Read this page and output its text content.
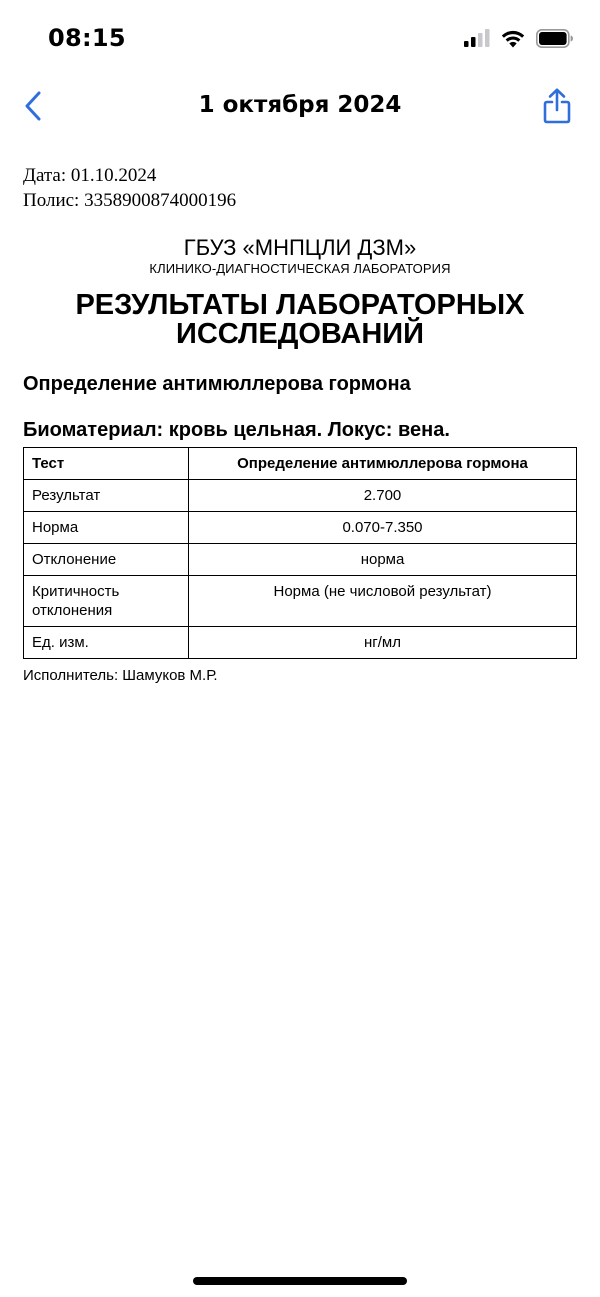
08:15
1 октября 2024

Дата: 01.10.2024

Полис: 3358900874000196

ГБУЗ «МНПЦЛИ ДЗМ»
КЛИНИКО-ДИАГНОСТИЧЕСКАЯ ЛАБОРАТОРИЯ
РЕЗУЛЬТАТЫ ЛАБОРАТОРНЫХ ИССЛЕДОВАНИЙ
Определение антимюллерова гормона
Биоматериал: кровь цельная. Локус: вена.
Тест	Определение антимюллерова гормона
Результат	2.700
Норма	0.070-7.350
Отклонение	норма
Критичность отклонения	Норма (не числовой результат)
Ед. изм.	нг/мл
Исполнитель: Шамуков М.Р.
